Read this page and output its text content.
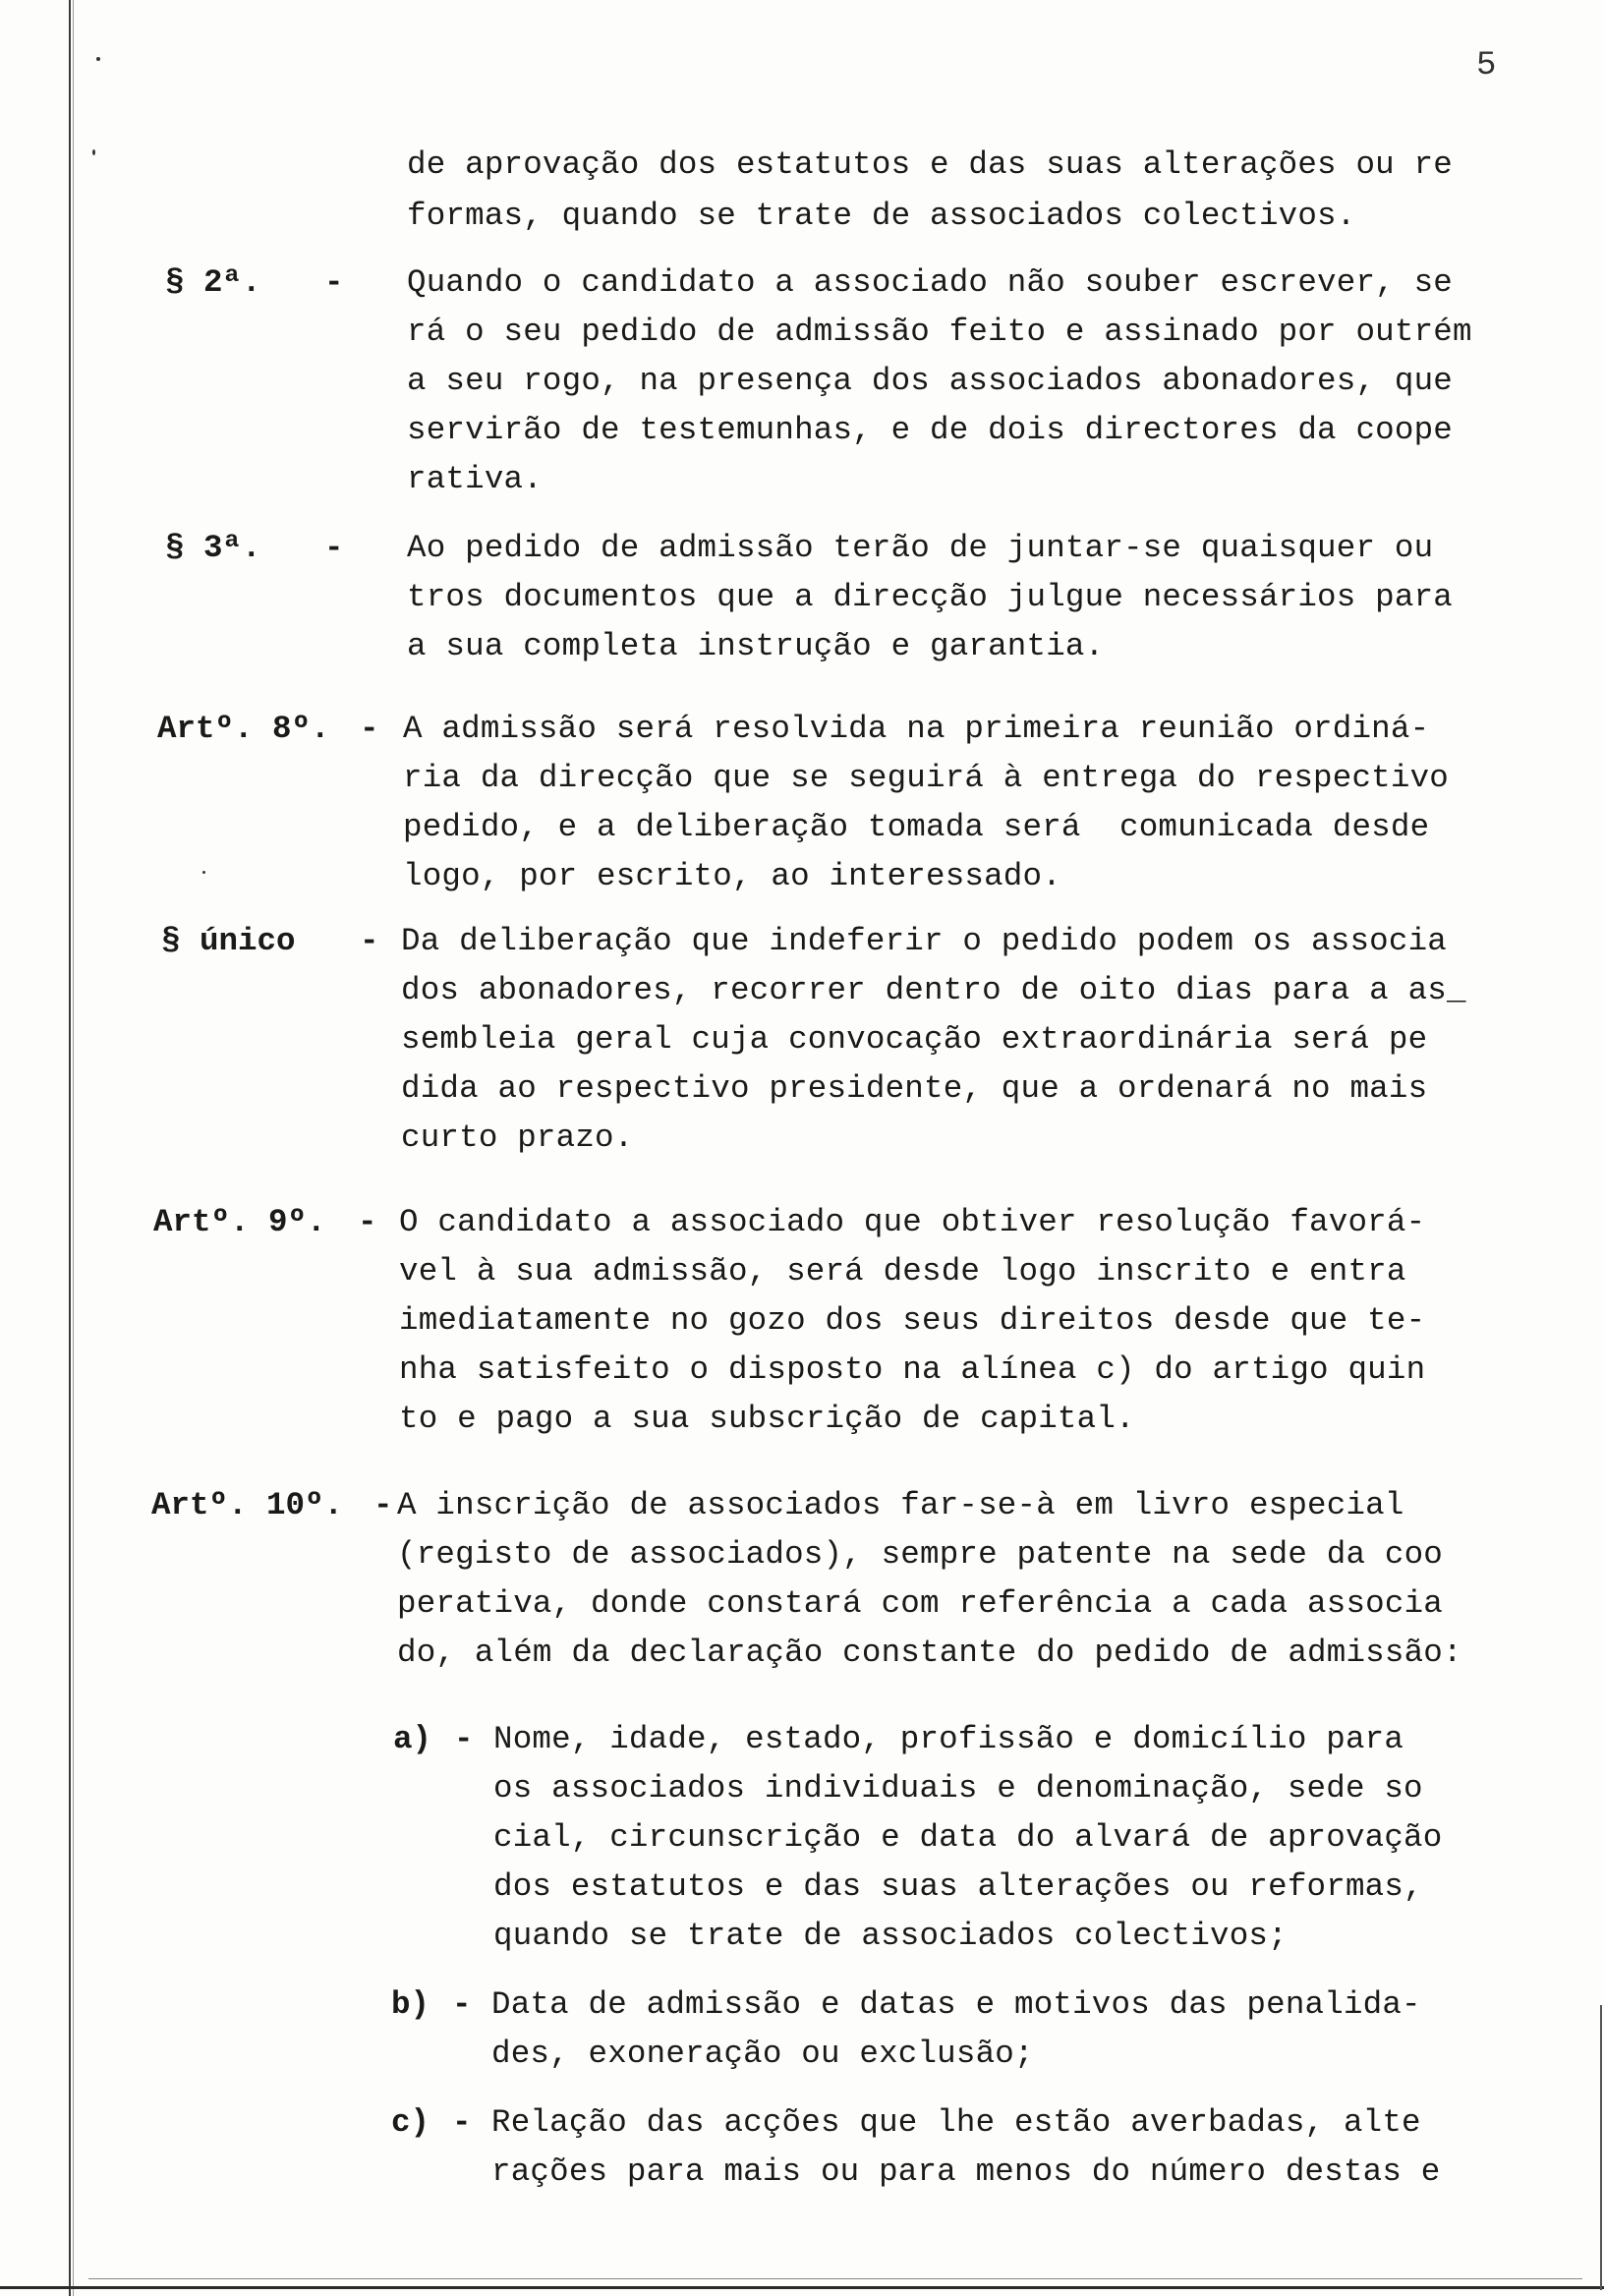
5
de aprovação dos estatutos e das suas alterações ou re
formas, quando se trate de associados colectivos.
§ 2ª. - Quando o candidato a associado não souber escrever, se
rá o seu pedido de admissão feito e assinado por outrém
a seu rogo, na presença dos associados abonadores, que
servirão de testemunhas, e de dois directores da coope
rativa.
§ 3ª. - Ao pedido de admissão terão de juntar-se quaisquer ou
tros documentos que a direcção julgue necessários para
a sua completa instrução e garantia.
Artº. 8º. - A admissão será resolvida na primeira reunião ordiná-
ria da direcção que se seguirá à entrega do respectivo
pedido, e a deliberação tomada será  comunicada desde
logo, por escrito, ao interessado.
§ único - Da deliberação que indeferir o pedido podem os associa
dos abonadores, recorrer dentro de oito dias para a as_
sembleia geral cuja convocação extraordinária será pe
dida ao respectivo presidente, que a ordenará no mais
curto prazo.
Artº. 9º. - O candidato a associado que obtiver resolução favorá-
vel à sua admissão, será desde logo inscrito e entra
imediatamente no gozo dos seus direitos desde que te-
nha satisfeito o disposto na alínea c) do artigo quin
to e pago a sua subscrição de capital.
Artº. 10º. - A inscrição de associados far-se-à em livro especial
(registo de associados), sempre patente na sede da coo
perativa, donde constará com referência a cada associa
do, além da declaração constante do pedido de admissão:
a) - Nome, idade, estado, profissão e domicílio para
os associados individuais e denominação, sede so
cial, circunscrição e data do alvará de aprovação
dos estatutos e das suas alterações ou reformas,
quando se trate de associados colectivos;
b) - Data de admissão e datas e motivos das penalida-
des, exoneração ou exclusão;
c) - Relação das acções que lhe estão averbadas, alte
rações para mais ou para menos do número destas e
